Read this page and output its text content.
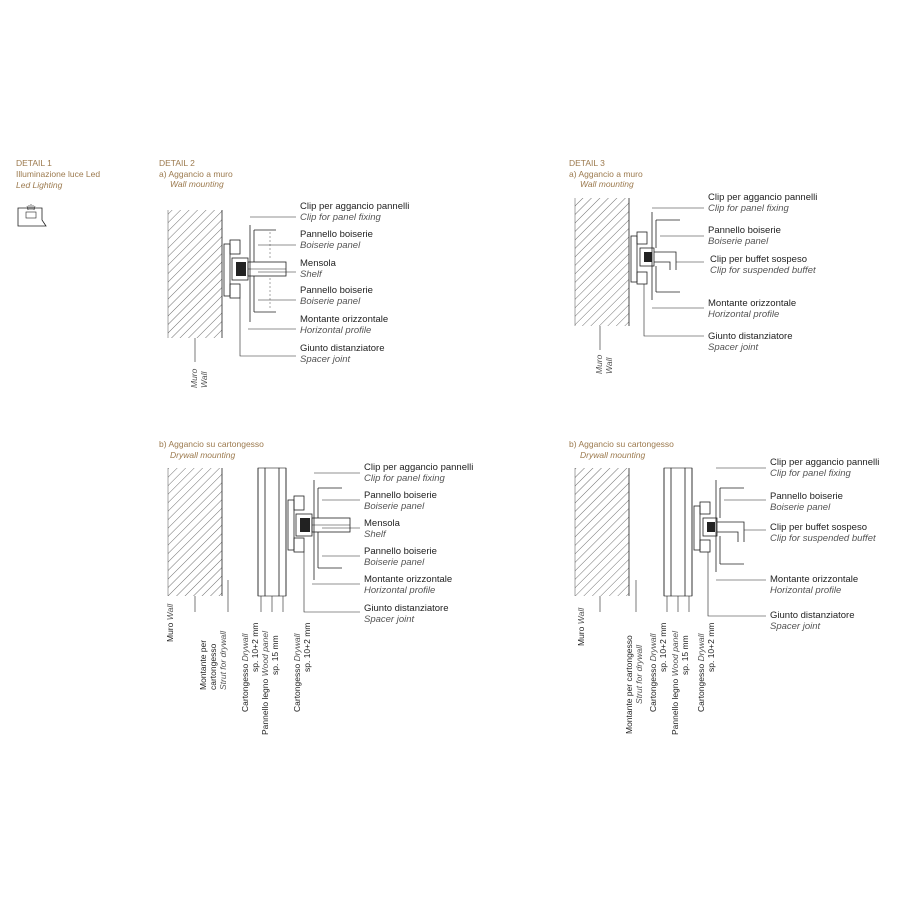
DETAIL 1
Illuminazione luce Led
Led Lighting
DETAIL 2
a) Aggancio a muro
Wall mounting
Clip per aggancio pannelli
Clip for panel fixing
Pannello boiserie
Boiserie panel
Mensola
Shelf
Pannello boiserie
Boiserie panel
Montante orizzontale
Horizontal profile
Giunto distanziatore
Spacer joint
Muro Wall
b) Aggancio su cartongesso
Drywall mounting
Clip per aggancio pannelli
Clip for panel fixing
Pannello boiserie
Boiserie panel
Mensola
Shelf
Pannello boiserie
Boiserie panel
Montante orizzontale
Horizontal profile
Giunto distanziatore
Spacer joint
Muro Wall
Montante per cartongesso Strut for drywall Cartongesso Drywall sp. 10+2 mm
Pannello legno Wood panel sp. 15 mm
Cartongesso Drywall sp. 10+2 mm
DETAIL 3
a) Aggancio a muro
Wall mounting
Clip per aggancio pannelli
Clip for panel fixing
Pannello boiserie
Boiserie panel
Clip per buffet sospeso
Clip for suspended buffet
Montante orizzontale
Horizontal profile
Giunto distanziatore
Spacer joint
Muro Wall
b) Aggancio su cartongesso
Drywall mounting
Clip per aggancio pannelli
Clip for panel fixing
Pannello boiserie
Boiserie panel
Clip per buffet sospeso
Clip for suspended buffet
Montante orizzontale
Horizontal profile
Giunto distanziatore
Spacer joint
Muro Wall
Montante per cartongesso Strut for drywall Cartongesso Drywall sp. 10+2 mm
Pannello legno Wood panel sp. 15 mm
Cartongesso Drywall sp. 10+2 mm
